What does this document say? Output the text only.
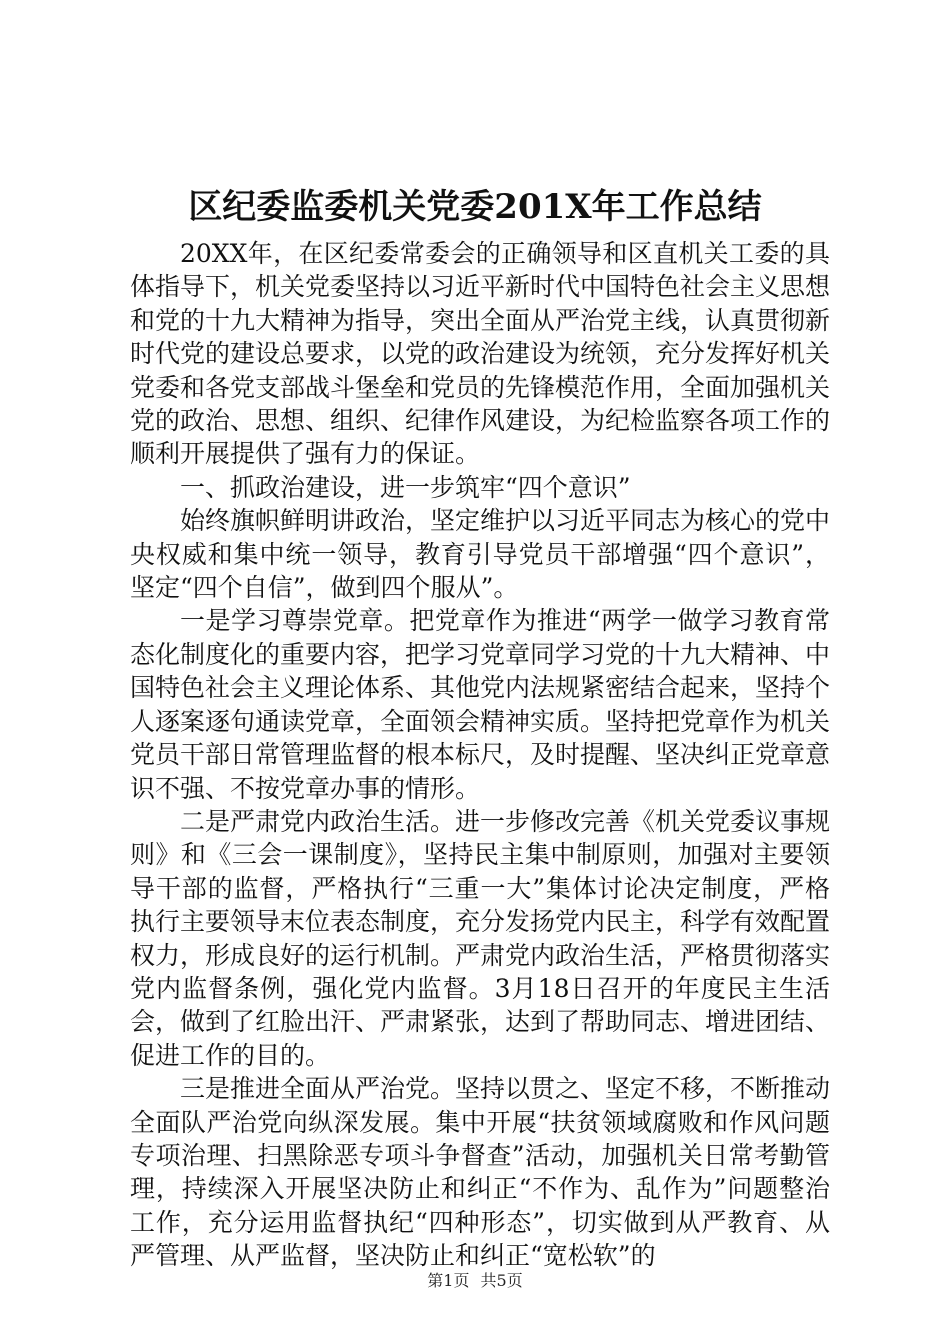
区纪委监委机关党委201X年工作总结

20XX年，在区纪委常委会的正确领导和区直机关工委的具体指导下，机关党委坚持以习近平新时代中国特色社会主义思想和党的十九大精神为指导，突出全面从严治党主线，认真贯彻新时代党的建设总要求，以党的政治建设为统领，充分发挥好机关党委和各党支部战斗堡垒和党员的先锋模范作用，全面加强机关党的政治、思想、组织、纪律作风建设，为纪检监察各项工作的顺利开展提供了强有力的保证。

一、抓政治建设，进一步筑牢“四个意识”

始终旗帜鲜明讲政治，坚定维护以习近平同志为核心的党中央权威和集中统一领导，教育引导党员干部增强“四个意识”，坚定“四个自信”，做到四个服从”。

一是学习尊崇党章。把党章作为推进“两学一做学习教育常态化制度化的重要内容，把学习党章同学习党的十九大精神、中国特色社会主义理论体系、其他党内法规紧密结合起来，坚持个人逐案逐句通读党章，全面领会精神实质。坚持把党章作为机关党员干部日常管理监督的根本标尺，及时提醒、坚决纠正党章意识不强、不按党章办事的情形。

二是严肃党内政治生活。进一步修改完善《机关党委议事规则》和《三会一课制度》，坚持民主集中制原则，加强对主要领导干部的监督，严格执行“三重一大”集体讨论决定制度，严格执行主要领导末位表态制度，充分发扬党内民主，科学有效配置权力，形成良好的运行机制。严肃党内政治生活，严格贯彻落实党内监督条例，强化党内监督。3月18日召开的年度民主生活会，做到了红脸出汗、严肃紧张，达到了帮助同志、增进团结、促进工作的目的。

三是推进全面从严治党。坚持以贯之、坚定不移，不断推动全面队严治党向纵深发展。集中开展“扶贫领域腐败和作风问题专项治理、扫黑除恶专项斗争督查”活动，加强机关日常考勤管理，持续深入开展坚决防止和纠正“不作为、乱作为”问题整治工作，充分运用监督执纪“四种形态”，切实做到从严教育、从严管理、从严监督，坚决防止和纠正“宽松软”的

第1页 共5页
